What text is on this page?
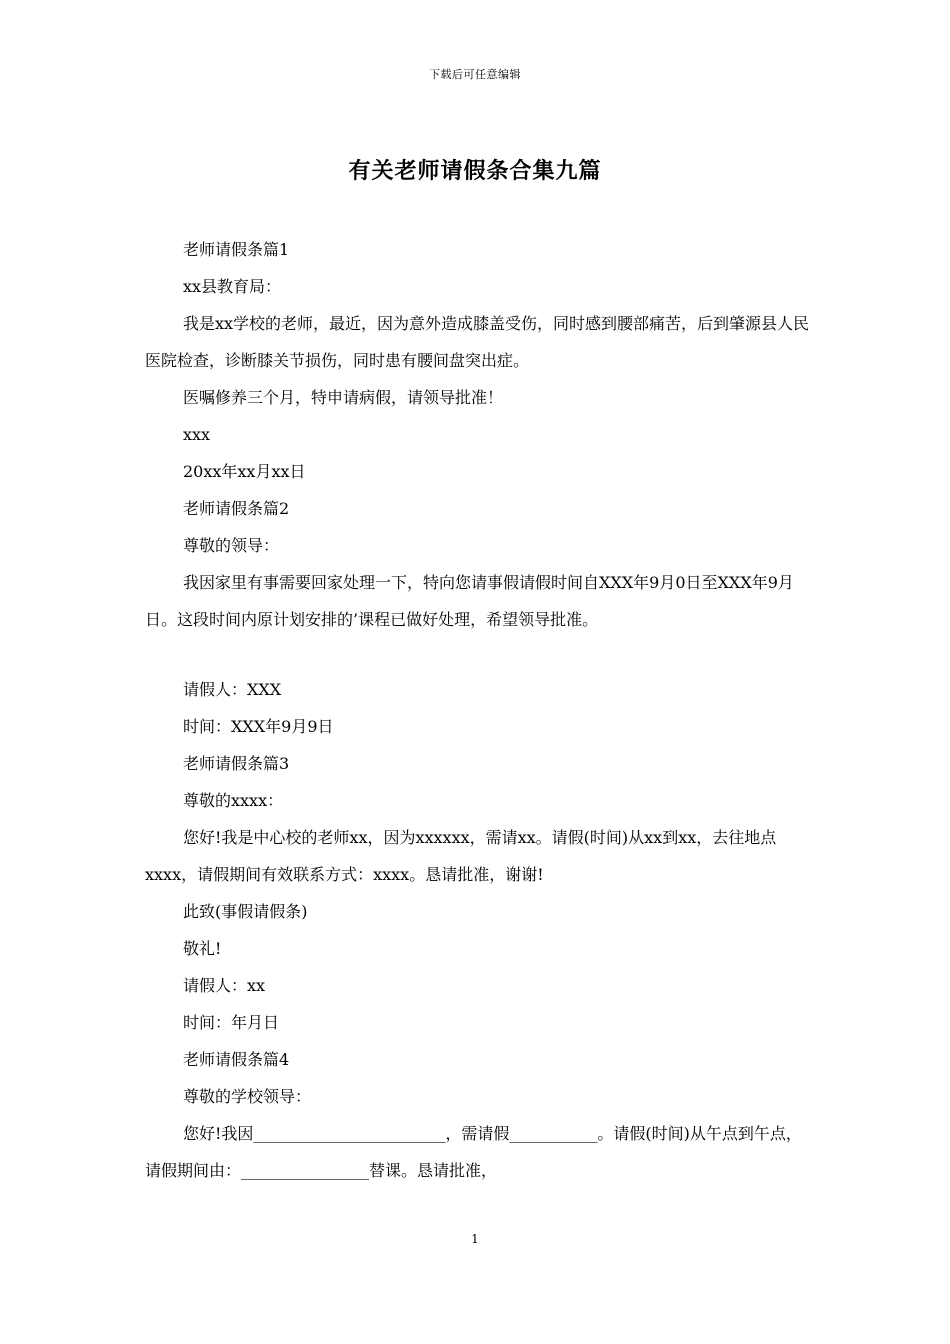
下载后可任意编辑
有关老师请假条合集九篇

老师请假条篇1

xx县教育局：

我是xx学校的老师，最近，因为意外造成膝盖受伤，同时感到腰部痛苦，后到肇源县人民医院检查，诊断膝关节损伤，同时患有腰间盘突出症。

医嘱修养三个月，特申请病假，请领导批准！

xxx

20xx年xx月xx日

老师请假条篇2

尊敬的领导：

我因家里有事需要回家处理一下，特向您请事假请假时间自XXX年9月0日至XXX年9月日。这段时间内原计划安排的’课程已做好处理，希望领导批准。

请假人：XXX

时间：XXX年9月9日

老师请假条篇3

尊敬的xxxx：

您好!我是中心校的老师xx，因为xxxxxx，需请xx。请假(时间)从xx到xx，去往地点xxxx，请假期间有效联系方式：xxxx。恳请批准，谢谢!

此致(事假请假条)

敬礼!

请假人：xx

时间：年月日

老师请假条篇4

尊敬的学校领导：

您好!我因________________________，需请假___________。请假(时间)从午点到午点，请假期间由：________________替课。恳请批准，

1
